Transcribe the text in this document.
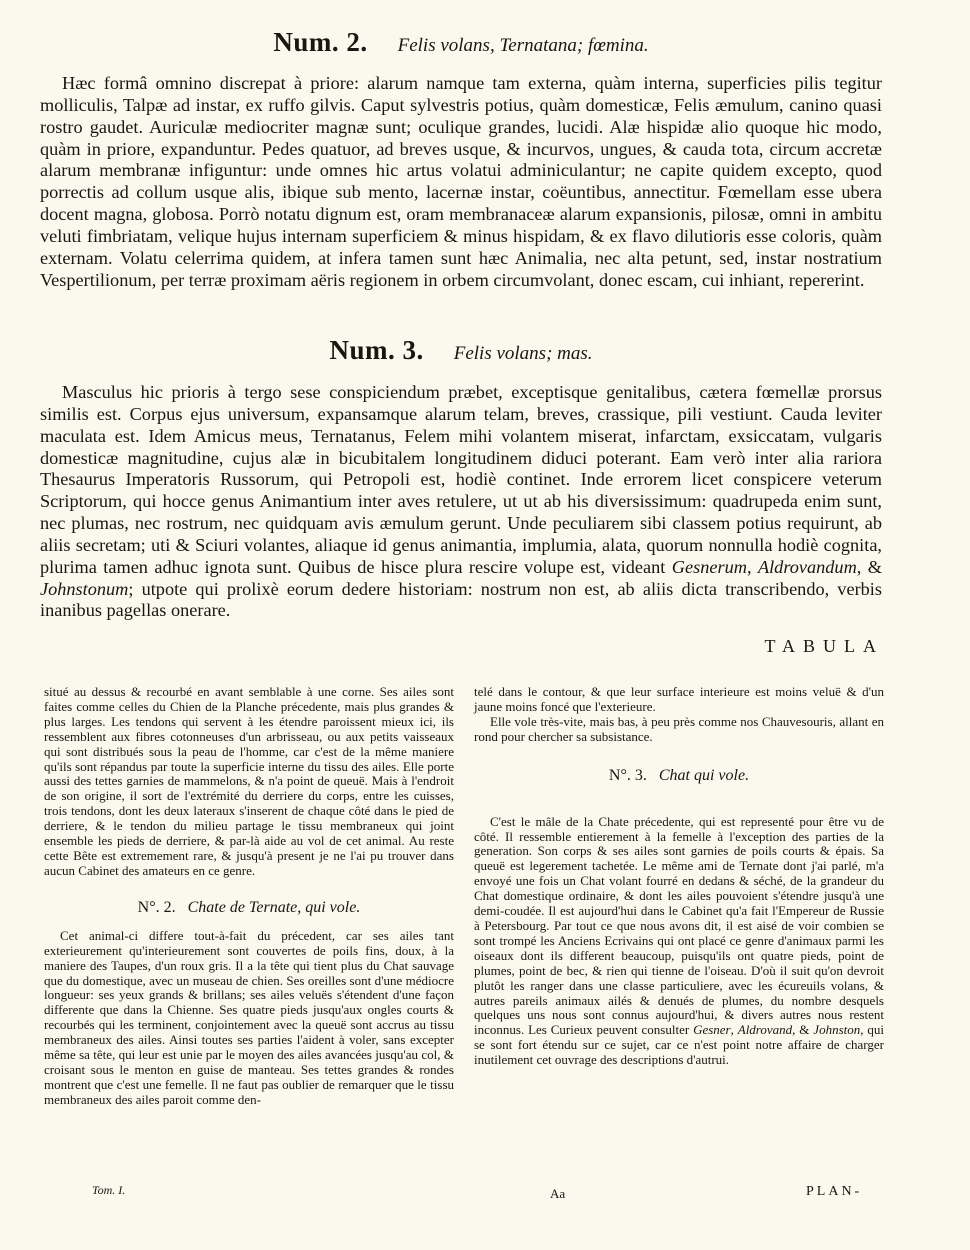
Num. 2. Felis volans, Ternatana; fœmina.

Hæc formâ omnino discrepat à priore: alarum namque tam externa, quàm interna, superficies pilis tegitur molliculis, Talpæ ad instar, ex ruffo gilvis. Caput sylvestris potius, quàm domesticæ, Felis æmulum, canino quasi rostro gaudet. Auriculæ mediocriter magnæ sunt; oculique grandes, lucidi. Alæ hispidæ alio quoque hic modo, quàm in priore, expanduntur. Pedes quatuor, ad breves usque, & incurvos, ungues, & cauda tota, circum accretæ alarum membranæ infiguntur: unde omnes hic artus volatui adminiculantur; ne capite quidem excepto, quod porrectis ad collum usque alis, ibique sub mento, lacernæ instar, coëuntibus, annectitur. Fœmellam esse ubera docent magna, globosa. Porrò notatu dignum est, oram membranaceæ alarum expansionis, pilosæ, omni in ambitu veluti fimbriatam, velique hujus internam superficiem & minus hispidam, & ex flavo dilutioris esse coloris, quàm externam. Volatu celerrima quidem, at infera tamen sunt hæc Animalia, nec alta petunt, sed, instar nostratium Vespertilionum, per terræ proximam aëris regionem in orbem circumvolant, donec escam, cui inhiant, repererint.

Num. 3. Felis volans; mas.

Masculus hic prioris à tergo sese conspiciendum præbet, exceptisque genitalibus, cætera fœmellæ prorsus similis est. Corpus ejus universum, expansamque alarum telam, breves, crassique, pili vestiunt. Cauda leviter maculata est. Idem Amicus meus, Ternatanus, Felem mihi volantem miserat, infarctam, exsiccatam, vulgaris domesticæ magnitudine, cujus alæ in bicubitalem longitudinem diduci poterant. Eam verò inter alia rariora Thesaurus Imperatoris Russorum, qui Petropoli est, hodiè continet. Inde errorem licet conspicere veterum Scriptorum, qui hocce genus Animantium inter aves retulere, ut ut ab his diversissimum: quadrupeda enim sunt, nec plumas, nec rostrum, nec quidquam avis æmulum gerunt. Unde peculiarem sibi classem potius requirunt, ab aliis secretam; uti & Sciuri volantes, aliaque id genus animantia, implumia, alata, quorum nonnulla hodiè cognita, plurima tamen adhuc ignota sunt. Quibus de hisce plura rescire volupe est, videant Gesnerum, Aldrovandum, & Johnstonum; utpote qui prolixè eorum dedere historiam: nostrum non est, ab aliis dicta transcribendo, verbis inanibus pagellas onerare.

TABULA

situé au dessus & recourbé en avant semblable à une corne. Ses ailes sont faites comme celles du Chien de la Planche précedente, mais plus grandes & plus larges. Les tendons qui servent à les étendre paroissent mieux ici, ils ressemblent aux fibres cotonneuses d'un arbrisseau, ou aux petits vaisseaux qui sont distribués sous la peau de l'homme, car c'est de la même maniere qu'ils sont répandus par toute la superficie interne du tissu des ailes. Elle porte aussi des tettes garnies de mammelons, & n'a point de queuë. Mais à l'endroit de son origine, il sort de l'extrémité du derriere du corps, entre les cuisses, trois tendons, dont les deux lateraux s'inserent de chaque côté dans le pied de derriere, & le tendon du milieu partage le tissu membraneux qui joint ensemble les pieds de derriere, & par-là aide au vol de cet animal. Au reste cette Bête est extremement rare, & jusqu'à present je ne l'ai pu trouver dans aucun Cabinet des amateurs en ce genre.

N°. 2. Chate de Ternate, qui vole.

Cet animal-ci differe tout-à-fait du précedent, car ses ailes tant exterieurement qu'interieurement sont couvertes de poils fins, doux, à la maniere des Taupes, d'un roux gris. Il a la tête qui tient plus du Chat sauvage que du domestique, avec un museau de chien. Ses oreilles sont d'une médiocre longueur: ses yeux grands & brillans; ses ailes veluës s'étendent d'une façon differente que dans la Chienne. Ses quatre pieds jusqu'aux ongles courts & recourbés qui les terminent, conjointement avec la queuë sont accrus au tissu membraneux des ailes. Ainsi toutes ses parties l'aident à voler, sans excepter même sa tête, qui leur est unie par le moyen des ailes avancées jusqu'au col, & croisant sous le menton en guise de manteau. Ses tettes grandes & rondes montrent que c'est une femelle. Il ne faut pas oublier de remarquer que le tissu membraneux des ailes paroit comme den-

telé dans le contour, & que leur surface interieure est moins veluë & d'un jaune moins foncé que l'exterieure.

Elle vole très-vite, mais bas, à peu près comme nos Chauvesouris, allant en rond pour chercher sa subsistance.

N°. 3. Chat qui vole.

C'est le mâle de la Chate précedente, qui est representé pour être vu de côté. Il ressemble entierement à la femelle à l'exception des parties de la generation. Son corps & ses ailes sont garnies de poils courts & épais. Sa queuë est legerement tachetée. Le même ami de Ternate dont j'ai parlé, m'a envoyé une fois un Chat volant fourré en dedans & séché, de la grandeur du Chat domestique ordinaire, & dont les ailes pouvoient s'étendre jusqu'à une demi-coudée. Il est aujourd'hui dans le Cabinet qu'a fait l'Empereur de Russie à Petersbourg. Par tout ce que nous avons dit, il est aisé de voir combien se sont trompé les Anciens Ecrivains qui ont placé ce genre d'animaux parmi les oiseaux dont ils different beaucoup, puisqu'ils ont quatre pieds, point de plumes, point de bec, & rien qui tienne de l'oiseau. D'où il suit qu'on devroit plutôt les ranger dans une classe particuliere, avec les écureuils volans, & autres pareils animaux ailés & denués de plumes, du nombre desquels quelques uns nous sont connus aujourd'hui, & divers autres nous restent inconnus. Les Curieux peuvent consulter Gesner, Aldrovand, & Johnston, qui se sont fort étendu sur ce sujet, car ce n'est point notre affaire de charger inutilement cet ouvrage des descriptions d'autrui.

Tom. I.	Aa	PLAN-
